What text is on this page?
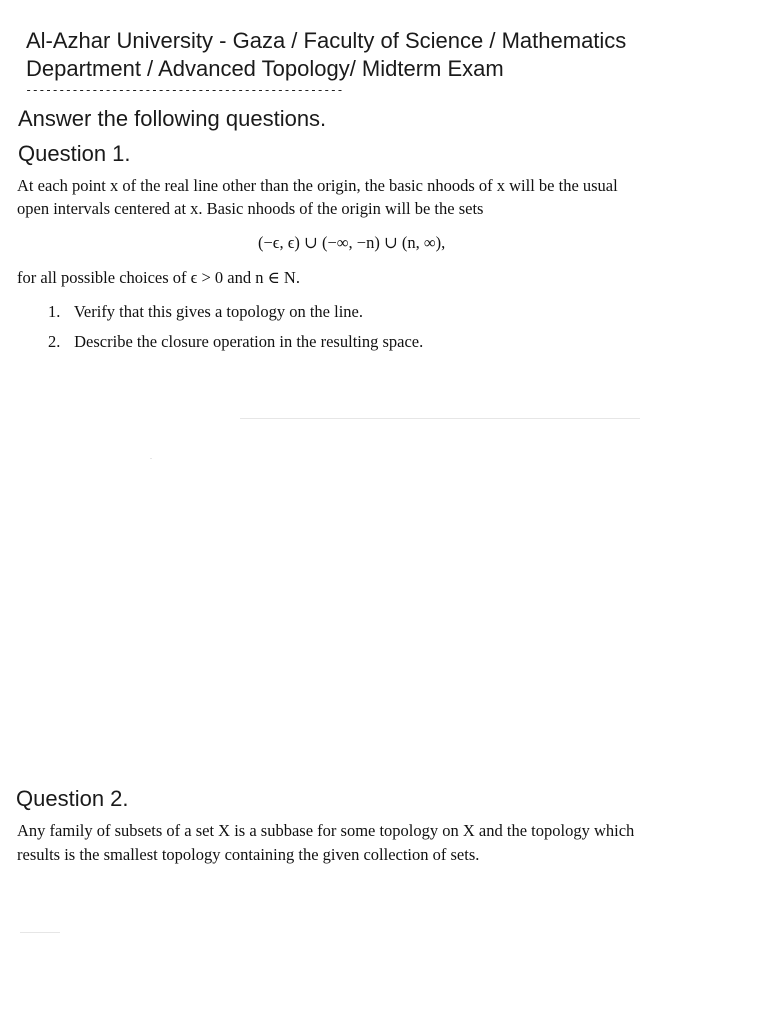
Al-Azhar University - Gaza / Faculty of Science / Mathematics
Department / Advanced Topology/ Midterm Exam
------------------------------------------------
Answer the following questions.
Question 1.
At each point x of the real line other than the origin, the basic nhoods of x will be the usual
open intervals centered at x. Basic nhoods of the origin will be the sets
(−ϵ, ϵ) ∪ (−∞, −n) ∪ (n, ∞),
for all possible choices of ϵ > 0 and n ∈ N.
1. Verify that this gives a topology on the line.
2. Describe the closure operation in the resulting space.
Question 2.
Any family of subsets of a set X is a subbase for some topology on X and the topology which
results is the smallest topology containing the given collection of sets.
